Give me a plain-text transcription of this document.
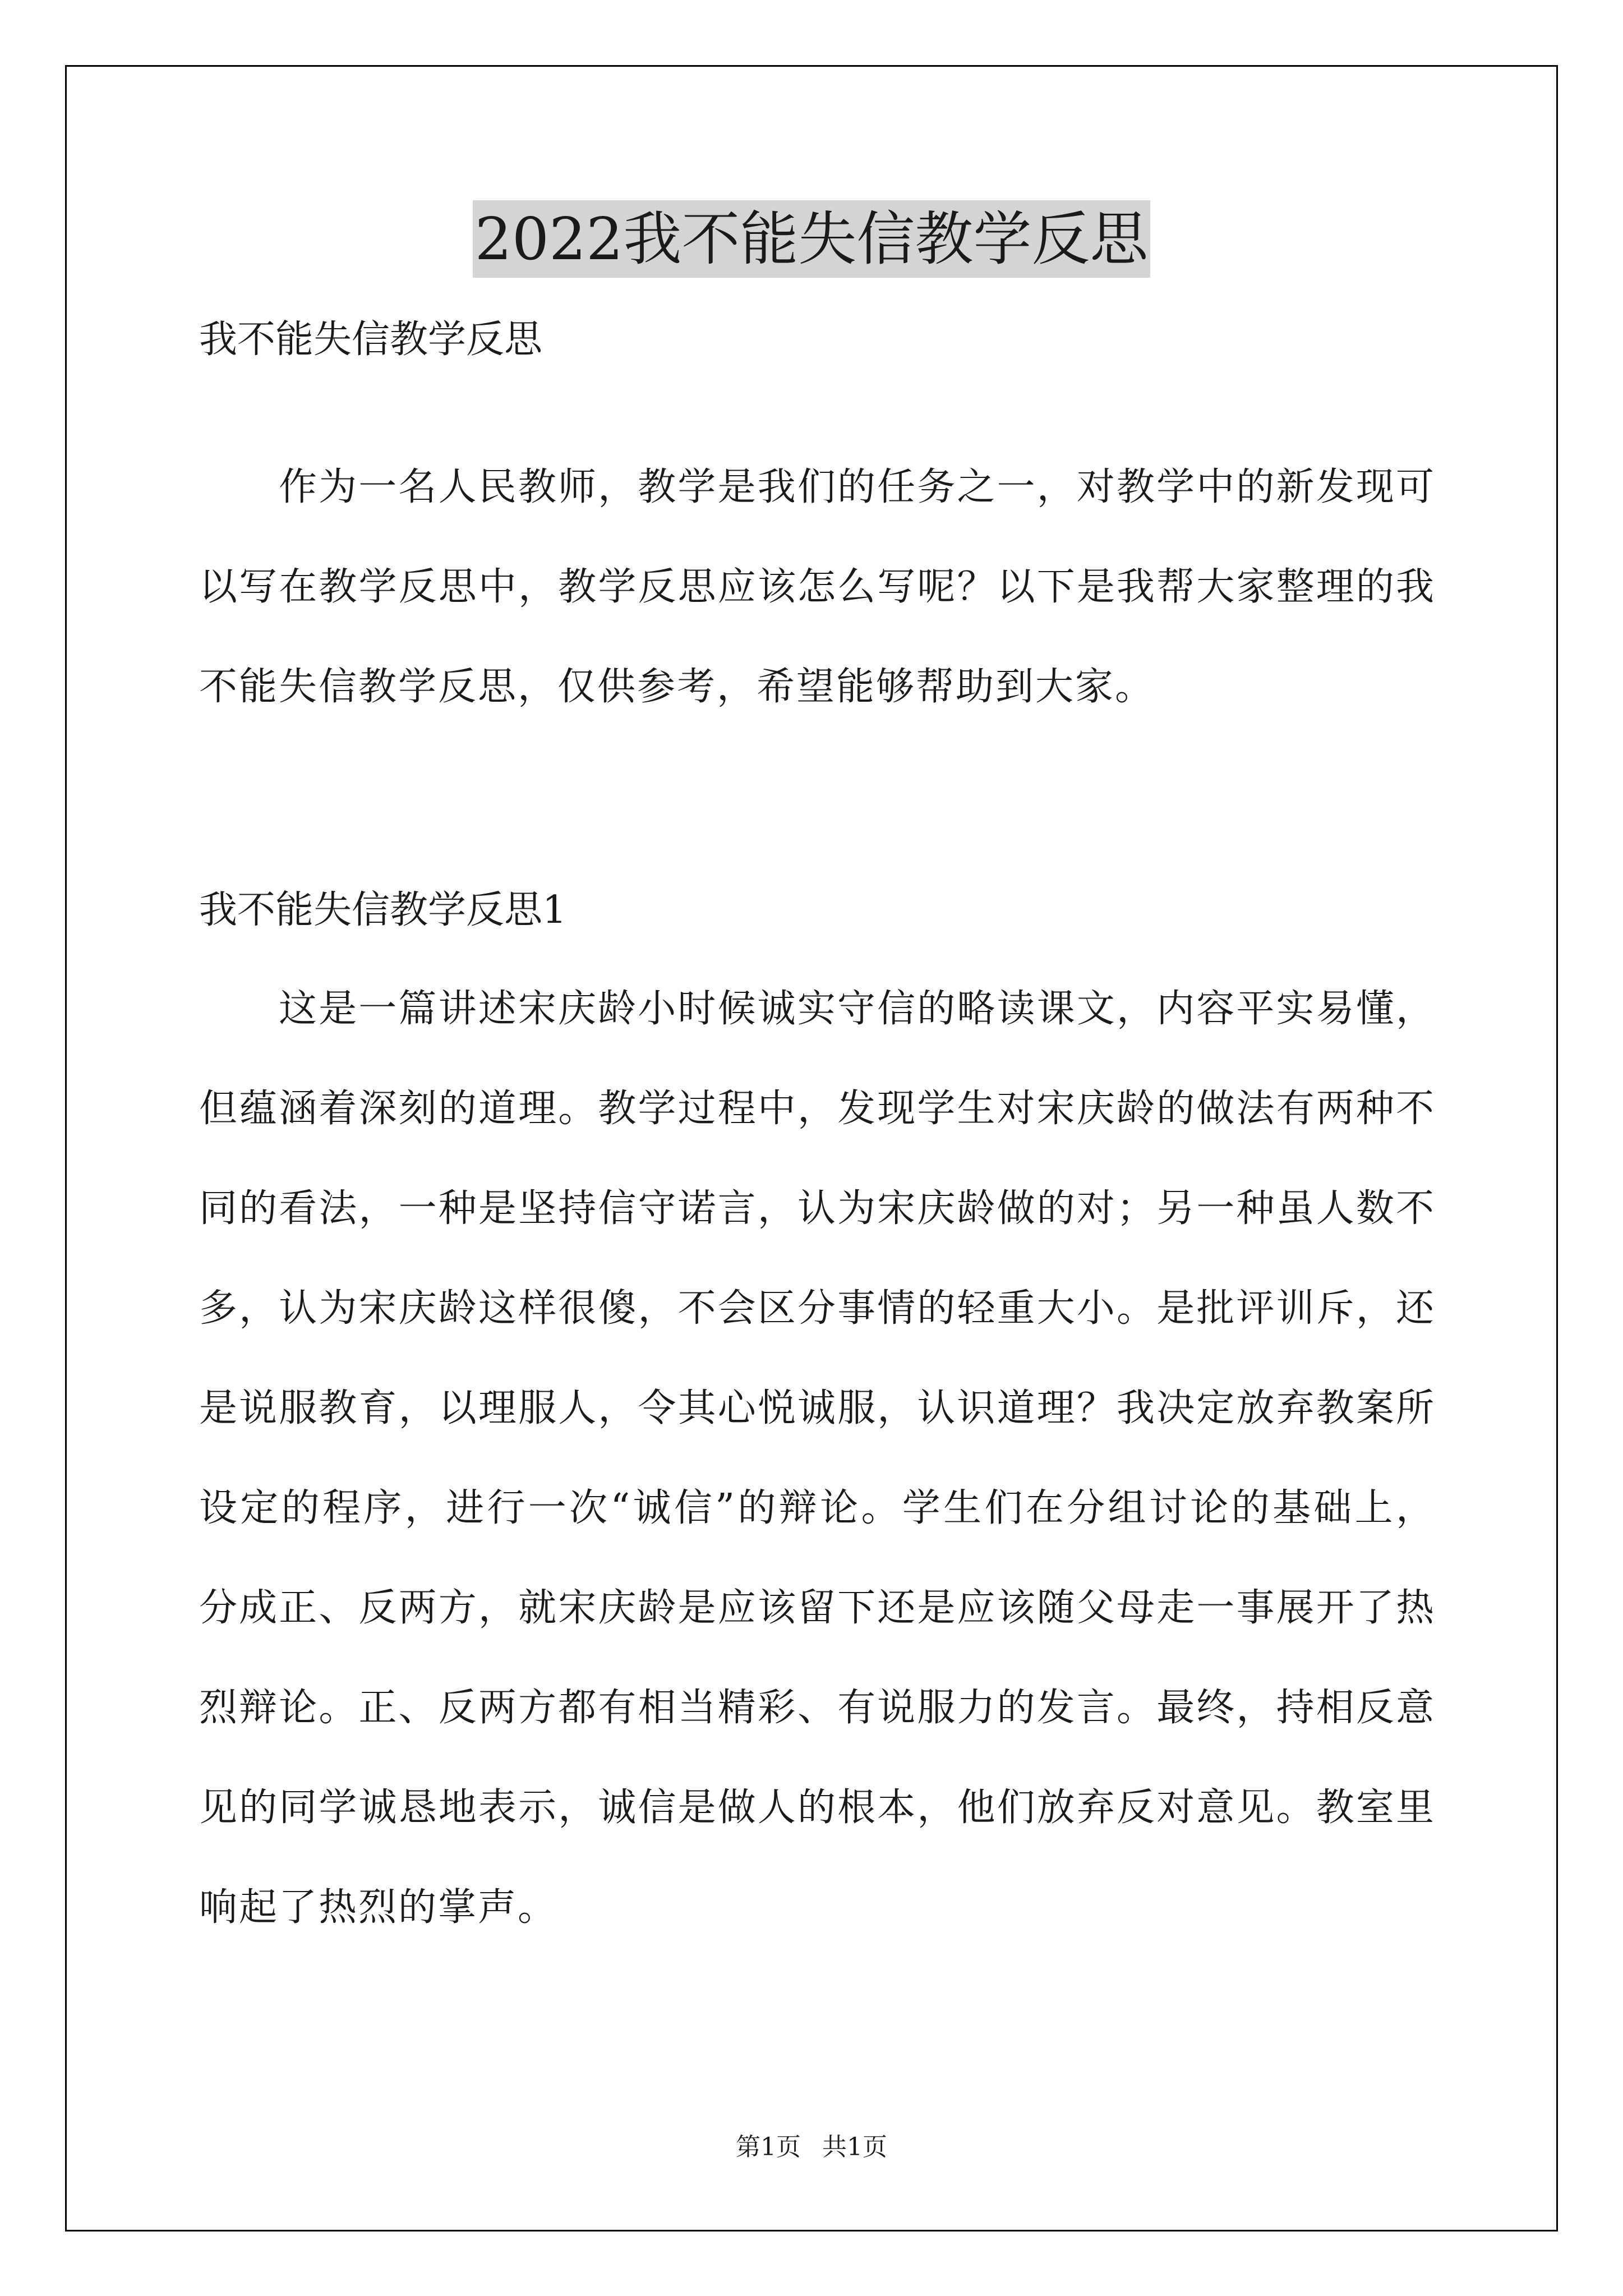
2022我不能失信教学反思
我不能失信教学反思
作为一名人民教师，教学是我们的任务之一，对教学中的新发现可以写在教学反思中，教学反思应该怎么写呢？以下是我帮大家整理的我不能失信教学反思，仅供参考，希望能够帮助到大家。
我不能失信教学反思1
这是一篇讲述宋庆龄小时候诚实守信的略读课文，内容平实易懂，但蕴涵着深刻的道理。教学过程中，发现学生对宋庆龄的做法有两种不同的看法，一种是坚持信守诺言，认为宋庆龄做的对；另一种虽人数不多，认为宋庆龄这样很傻，不会区分事情的轻重大小。是批评训斥，还是说服教育，以理服人，令其心悦诚服，认识道理？我决定放弃教案所设定的程序，进行一次“诚信”的辩论。学生们在分组讨论的基础上，分成正、反两方，就宋庆龄是应该留下还是应该随父母走一事展开了热烈辩论。正、反两方都有相当精彩、有说服力的发言。最终，持相反意见的同学诚恳地表示，诚信是做人的根本，他们放弃反对意见。教室里响起了热烈的掌声。
第1页 共1页
